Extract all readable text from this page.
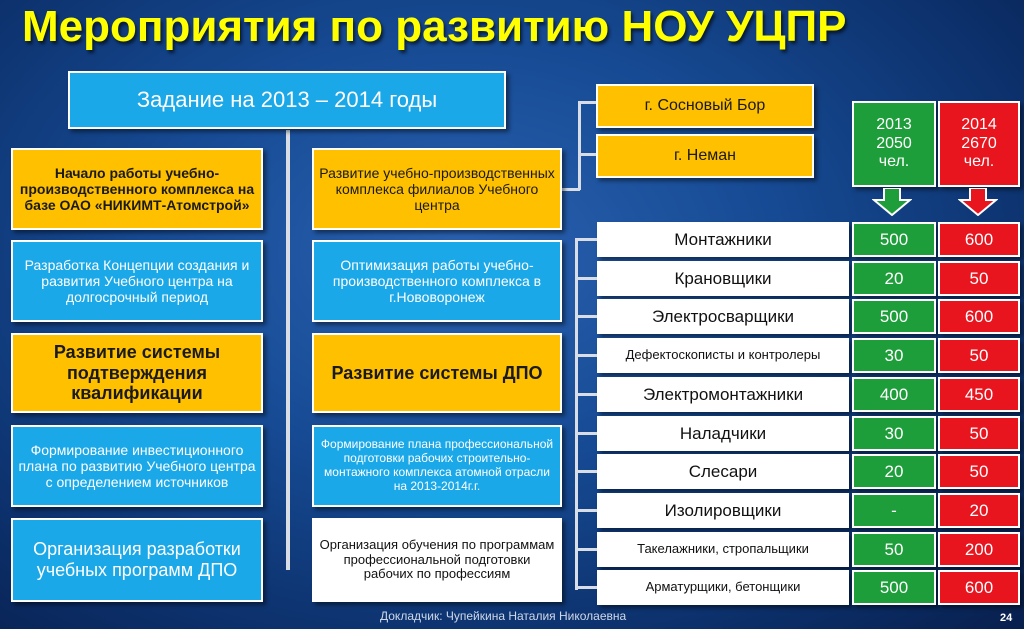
Мероприятия по развитию НОУ УЦПР
Задание на 2013 – 2014 годы
Начало работы учебно-производственного комплекса на базе ОАО «НИКИМТ-Атомстрой»
Разработка Концепции создания и развития Учебного центра на долгосрочный период
Развитие системы подтверждения квалификации
Формирование инвестиционного плана по развитию Учебного центра с определением источников
Организация разработки учебных программ ДПО
Развитие учебно-производственных комплекса филиалов Учебного центра
Оптимизация работы учебно-производственного комплекса в г.Нововоронеж
Развитие системы ДПО
Формирование плана профессиональной подготовки рабочих строительно-монтажного комплекса атомной отрасли на 2013-2014г.г.
Организация обучения по программам профессиональной подготовки рабочих по профессиям
г. Сосновый Бор
г. Неман
2013
2050
чел.
2014
2670
чел.
Монтажники	500	600
Крановщики	20	50
Электросварщики	500	600
Дефектоскописты и контролеры	30	50
Электромонтажники	400	450
Наладчики	30	50
Слесари	20	50
Изолировщики	-	20
Такелажники, стропальщики	50	200
Арматурщики, бетонщики	500	600
Докладчик: Чупейкина Наталия Николаевна	24
